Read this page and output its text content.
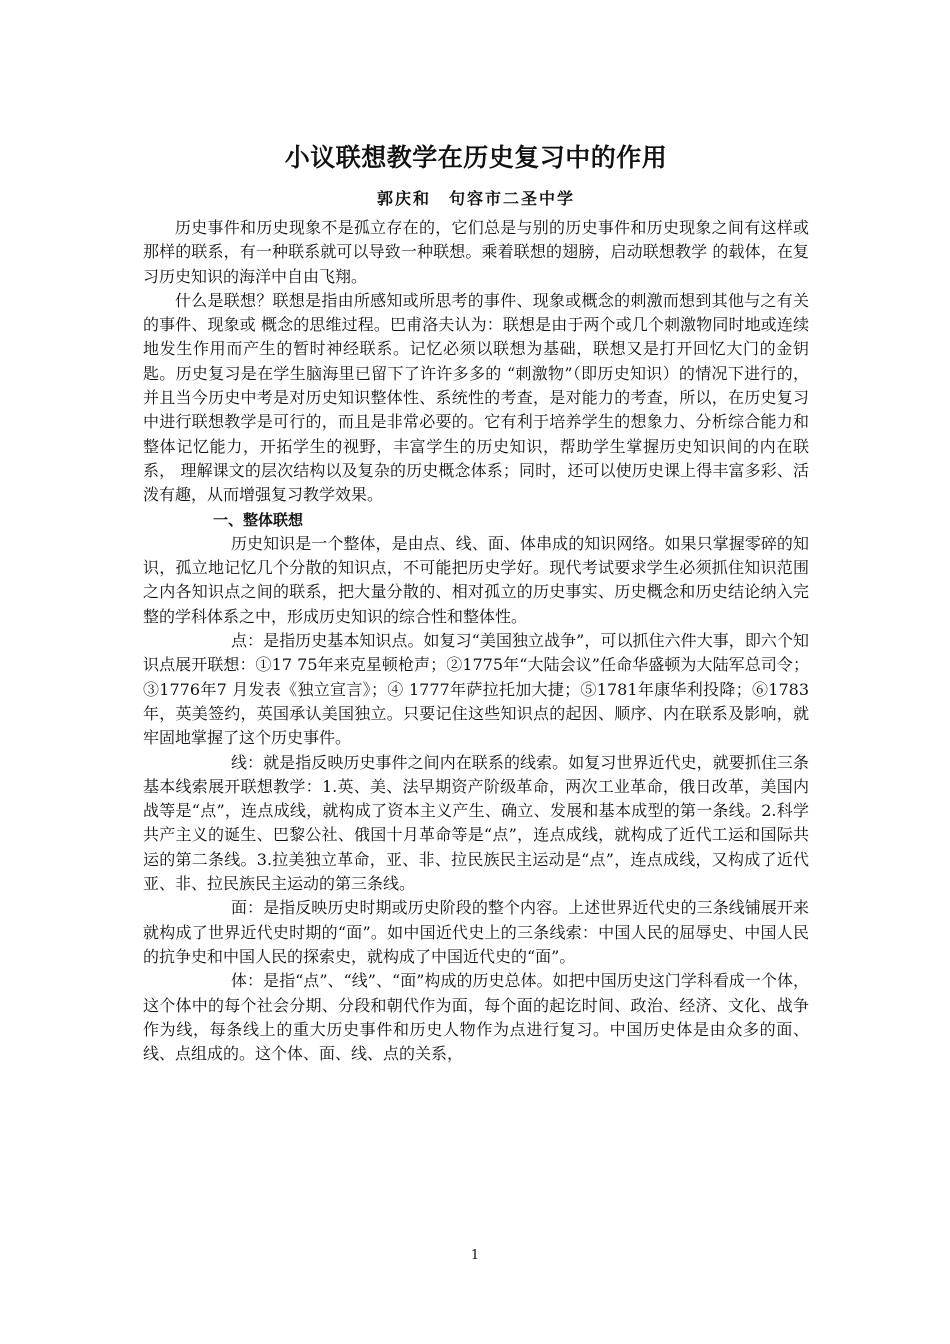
小议联想教学在历史复习中的作用
郭庆和　句容市二圣中学

历史事件和历史现象不是孤立存在的，它们总是与别的历史事件和历史现象之间有这样或那样的联系，有一种联系就可以导致一种联想。乘着联想的翅膀，启动联想教学 的载体，在复习历史知识的海洋中自由飞翔。

什么是联想？联想是指由所感知或所思考的事件、现象或概念的刺激而想到其他与之有关的事件、现象或 概念的思维过程。巴甫洛夫认为：联想是由于两个或几个刺激物同时地或连续地发生作用而产生的暂时神经联系。记忆必须以联想为基础，联想又是打开回忆大门的金钥匙。历史复习是在学生脑海里已留下了许许多多的 “刺激物”（即历史知识）的情况下进行的，并且当今历史中考是对历史知识整体性、系统性的考查，是对能力的考查，所以，在历史复习中进行联想教学是可行的，而且是非常必要的。它有利于培养学生的想象力、分析综合能力和整体记忆能力，开拓学生的视野，丰富学生的历史知识，帮助学生掌握历史知识间的内在联系， 理解课文的层次结构以及复杂的历史概念体系；同时，还可以使历史课上得丰富多彩、活泼有趣，从而增强复习教学效果。

一、整体联想

历史知识是一个整体，是由点、线、面、体串成的知识网络。如果只掌握零碎的知识，孤立地记忆几个分散的知识点，不可能把历史学好。现代考试要求学生必须抓住知识范围之内各知识点之间的联系，把大量分散的、相对孤立的历史事实、历史概念和历史结论纳入完整的学科体系之中，形成历史知识的综合性和整体性。

点：是指历史基本知识点。如复习“美国独立战争”，可以抓住六件大事，即六个知识点展开联想：①17 75年来克星顿枪声；②1775年“大陆会议”任命华盛顿为大陆军总司令；③1776年7 月发表《独立宣言》；④ 1777年萨拉托加大捷；⑤1781年康华利投降；⑥1783年，英美签约，英国承认美国独立。只要记住这些知识点的起因、顺序、内在联系及影响，就牢固地掌握了这个历史事件。

线：就是指反映历史事件之间内在联系的线索。如复习世界近代史，就要抓住三条基本线索展开联想教学：1.英、美、法早期资产阶级革命，两次工业革命，俄日改革，美国内战等是“点”，连点成线，就构成了资本主义产生、确立、发展和基本成型的第一条线。2.科学共产主义的诞生、巴黎公社、俄国十月革命等是“点”，连点成线，就构成了近代工运和国际共运的第二条线。3.拉美独立革命，亚、非、拉民族民主运动是“点”，连点成线，又构成了近代亚、非、拉民族民主运动的第三条线。

面：是指反映历史时期或历史阶段的整个内容。上述世界近代史的三条线铺展开来就构成了世界近代史时期的“面”。如中国近代史上的三条线索：中国人民的屈辱史、中国人民的抗争史和中国人民的探索史，就构成了中国近代史的“面”。

体：是指“点”、“线”、“面”构成的历史总体。如把中国历史这门学科看成一个体，这个体中的每个社会分期、分段和朝代作为面，每个面的起讫时间、政治、经济、文化、战争作为线，每条线上的重大历史事件和历史人物作为点进行复习。中国历史体是由众多的面、线、点组成的。这个体、面、线、点的关系，

1
